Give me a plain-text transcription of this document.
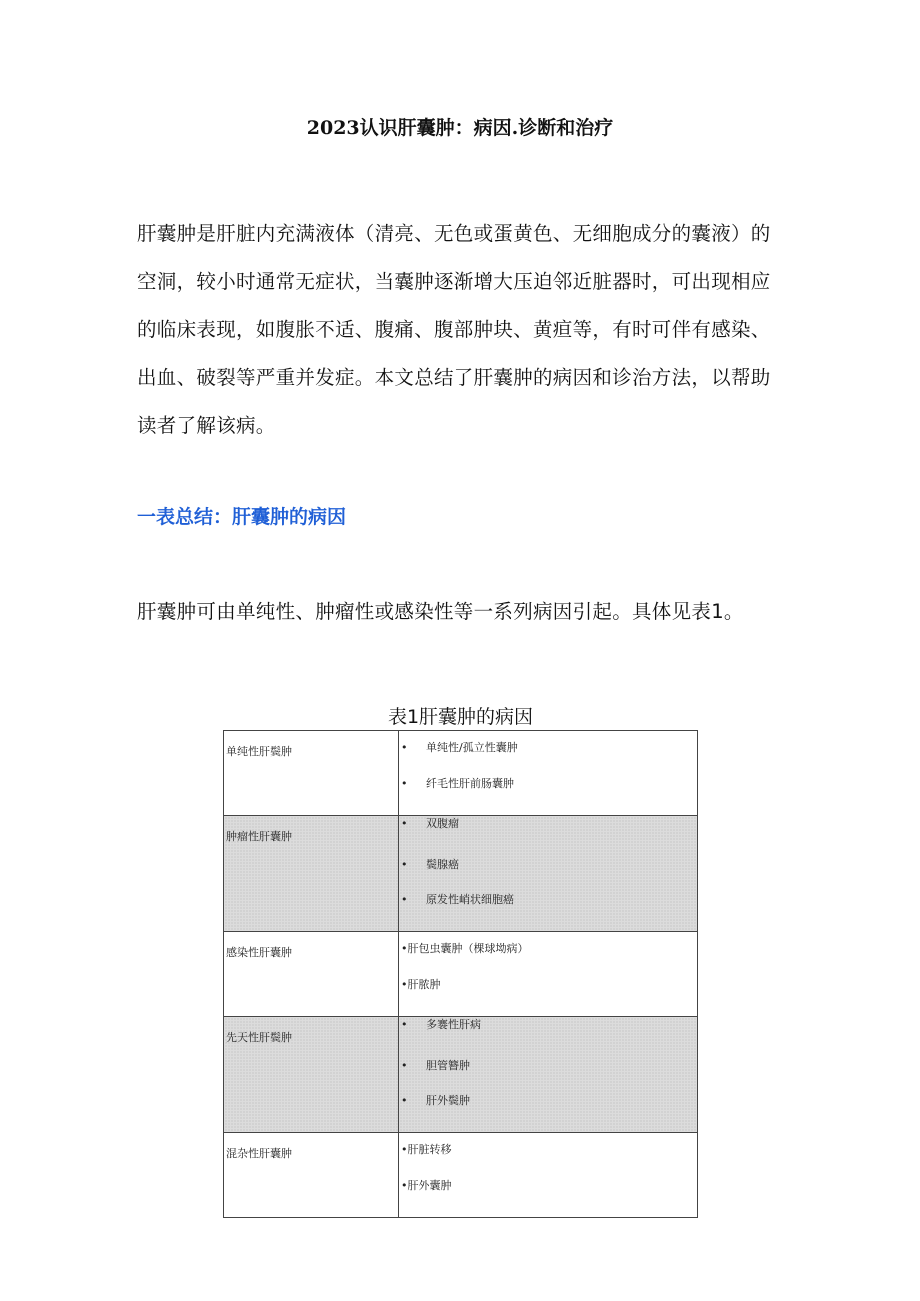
2023认识肝囊肿：病因.诊断和治疗
肝囊肿是肝脏内充满液体（清亮、无色或蛋黄色、无细胞成分的囊液）的空洞，较小时通常无症状，当囊肿逐渐增大压迫邻近脏器时，可出现相应的临床表现，如腹胀不适、腹痛、腹部肿块、黄疸等，有时可伴有感染、出血、破裂等严重并发症。本文总结了肝囊肿的病因和诊治方法，以帮助读者了解该病。
一表总结：肝囊肿的病因
肝囊肿可由单纯性、肿瘤性或感染性等一系列病因引起。具体见表1。
表1肝囊肿的病因
单纯性肝鬓肿	• 单纯性/孤立性囊肿
• 纤毛性肝前肠囊肿

肿瘤性肝囊肿	• 双腹瘤
• 鬓腺癌
• 原发性峭状细胞癌

感染性肝囊肿	•肝包虫囊肿（棵球坳病）
•肝脓肿

先天性肝鬓肿	• 多褰性肝病
• 胆管簪肿
• 肝外鬓肿

混杂性肝囊肿	•肝脏转移
•肝外囊肿
